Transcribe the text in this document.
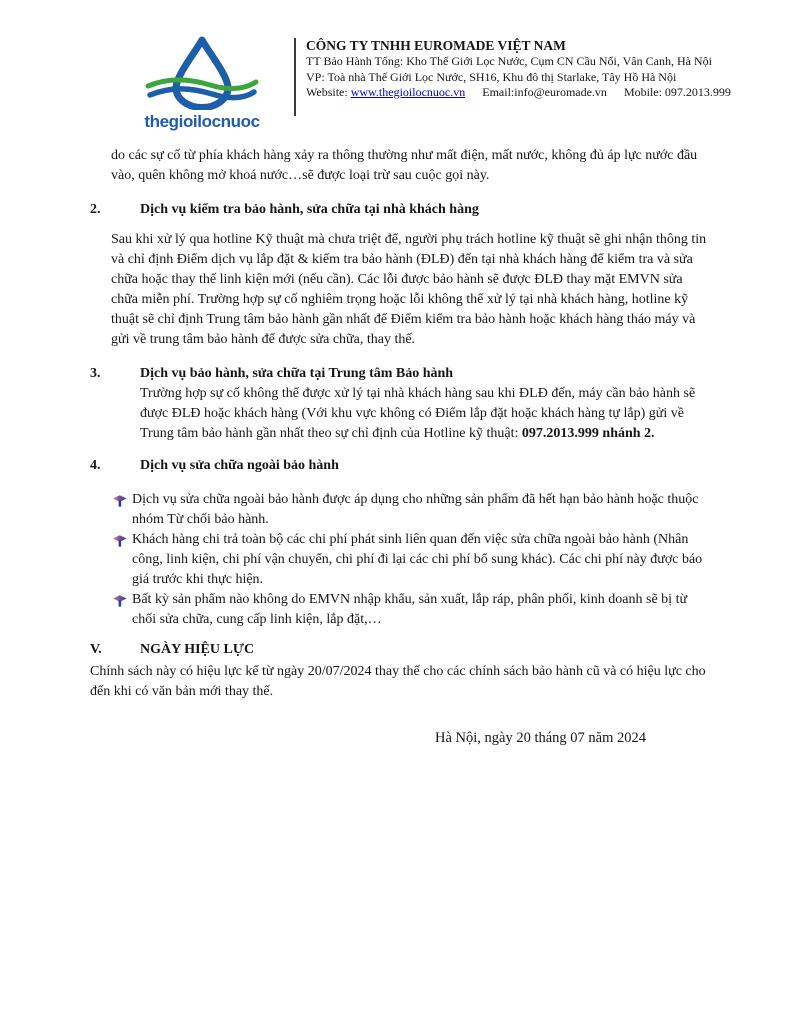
thegioilocnuoc
CÔNG TY TNHH EUROMADE VIỆT NAM
TT Bảo Hành Tổng: Kho Thế Giới Lọc Nước, Cụm CN Cầu Nổi, Vân Canh, Hà Nội
VP: Toà nhà Thế Giới Lọc Nước, SH16, Khu đô thị Starlake, Tây Hồ Hà Nội
Website: www.thegioilocnuoc.vn Email:info@euromade.vn Mobile: 097.2013.999

do các sự cố từ phía khách hàng xảy ra thông thường như mất điện, mất nước, không đủ áp lực nước đầu vào, quên không mở khoá nước…sẽ được loại trừ sau cuộc gọi này.

2.	Dịch vụ kiểm tra bảo hành, sửa chữa tại nhà khách hàng

Sau khi xử lý qua hotline Kỹ thuật mà chưa triệt để, người phụ trách hotline kỹ thuật sẽ ghi nhận thông tin và chỉ định Điểm dịch vụ lắp đặt & kiểm tra bảo hành (ĐLĐ) đến tại nhà khách hàng để kiểm tra và sửa chữa hoặc thay thế linh kiện mới (nếu cần). Các lỗi được bảo hành sẽ được ĐLĐ thay mặt EMVN sửa chữa miễn phí. Trường hợp sự cố nghiêm trọng hoặc lỗi không thể xử lý tại nhà khách hàng, hotline kỹ thuật sẽ chỉ định Trung tâm bảo hành gần nhất để Điểm kiểm tra bảo hành hoặc khách hàng tháo máy và gửi về trung tâm bảo hành để được sửa chữa, thay thế.

3.	Dịch vụ bảo hành, sửa chữa tại Trung tâm Bảo hành
Trường hợp sự cố không thể được xử lý tại nhà khách hàng sau khi ĐLĐ đến, máy cần bảo hành sẽ được ĐLĐ hoặc khách hàng (Với khu vực không có Điểm lắp đặt hoặc khách hàng tự lắp) gửi về Trung tâm bảo hành gần nhất theo sự chỉ định của Hotline kỹ thuật: 097.2013.999 nhánh 2.
4.	Dịch vụ sửa chữa ngoài bảo hành
Dịch vụ sửa chữa ngoài bảo hành được áp dụng cho những sản phẩm đã hết hạn bảo hành hoặc thuộc nhóm Từ chối bảo hành.
Khách hàng chi trả toàn bộ các chi phí phát sinh liên quan đến việc sửa chữa ngoài bảo hành (Nhân công, linh kiện, chi phí vận chuyển, chi phí đi lại các chi phí bổ sung khác). Các chi phí này được báo giá trước khi thực hiện.
Bất kỳ sản phẩm nào không do EMVN nhập khẩu, sản xuất, lắp ráp, phân phối, kinh doanh sẽ bị từ chối sửa chữa, cung cấp linh kiện, lắp đặt,…
V.	NGÀY HIỆU LỰC

Chính sách này có hiệu lực kể từ ngày 20/07/2024 thay thế cho các chính sách bảo hành cũ và có hiệu lực cho đến khi có văn bản mới thay thế.

Hà Nội, ngày 20 tháng 07 năm 2024
